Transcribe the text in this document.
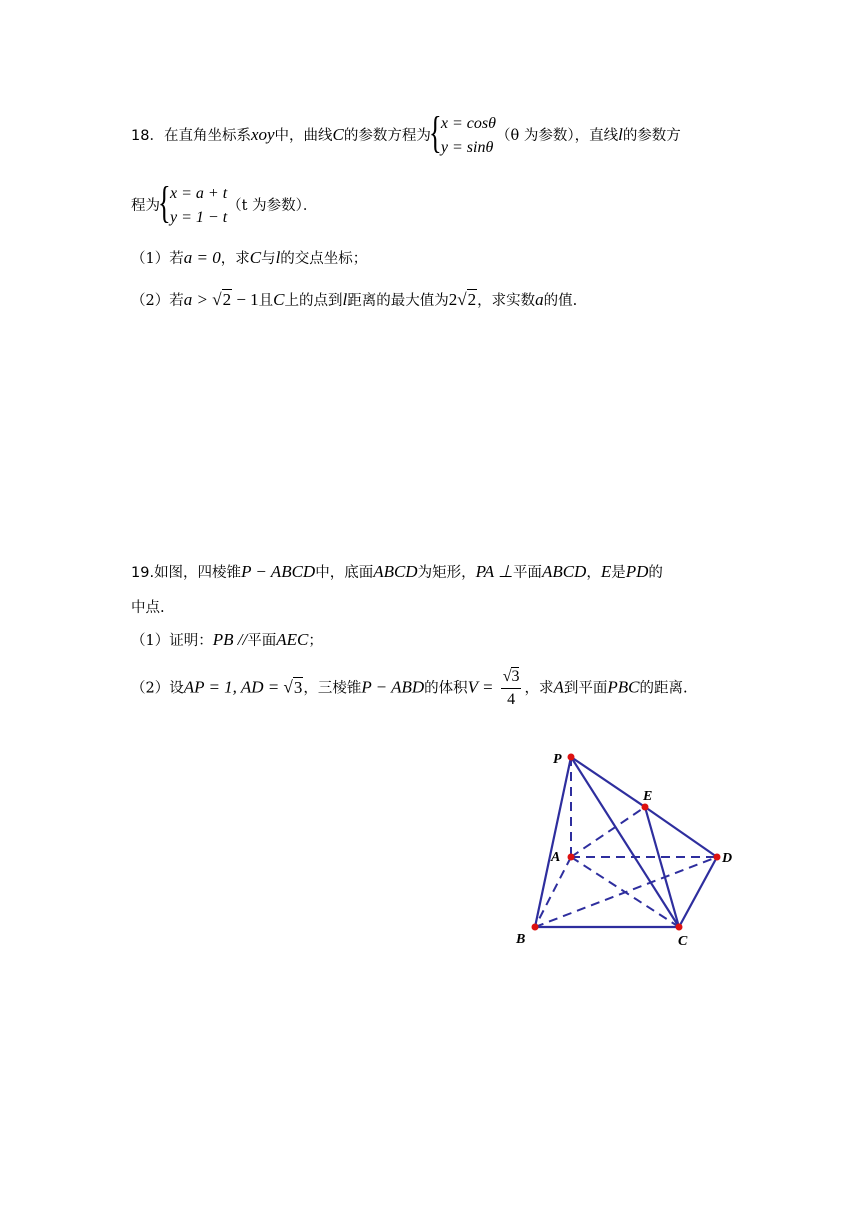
18．在直角坐标系xoy中，曲线C的参数方程为
{ x = cosθ
y = sinθ
（θ 为参数），直线l的参数方
程为
{ x = a + t
y = 1 − t
（t 为参数）．
（1）若a = 0，求C与l的交点坐标；
（2）若a > √2 − 1且C上的点到l距离的最大值为2√2，求实数a的值.
19.如图，四棱锥P − ABCD中，底面ABCD为矩形，PA ⊥平面ABCD，E是PD的
中点.
（1）证明：PB //平面AEC；
（2）设AP = 1, AD = √3，三棱锥P − ABD的体积$V = \frac{√3}{4}$ ，求A到平面PBC的距离.
P
E
A	D
B	C
